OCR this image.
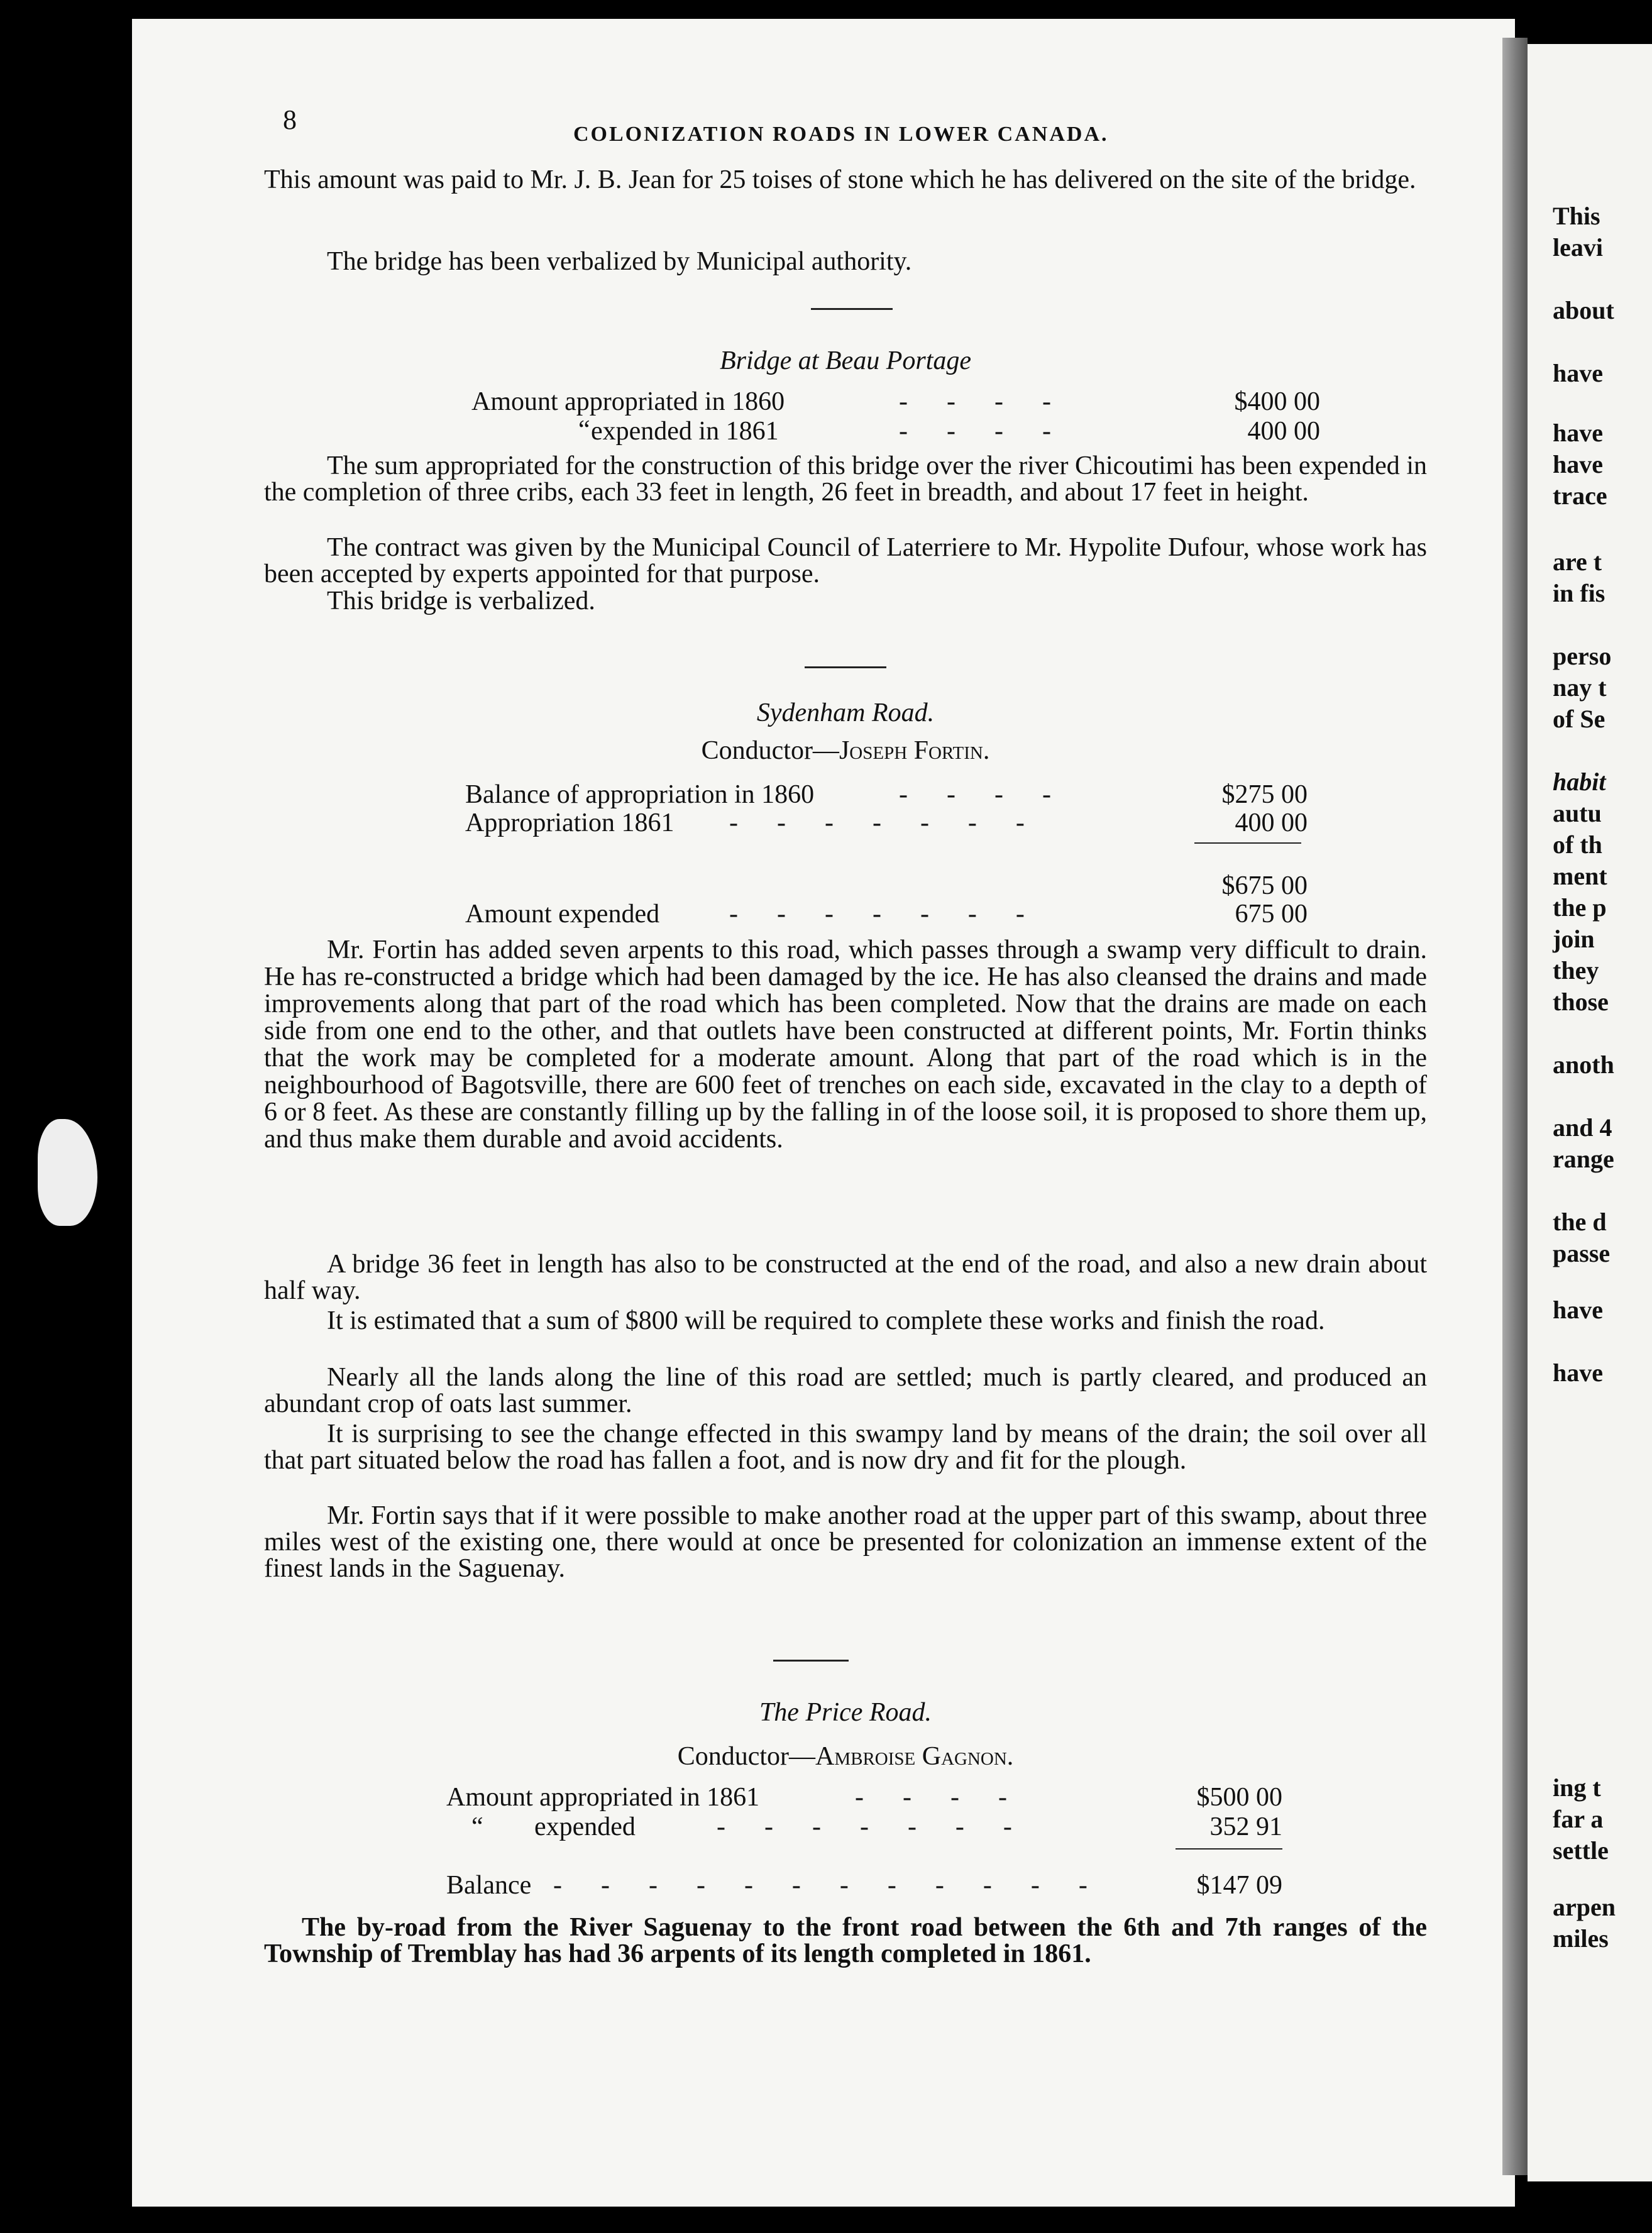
This
leavi
about
have
have
have
trace
are t
in fis
perso
nay t
of Se
habit
autu
of th
ment
the p
join
they
those
anoth
and 4
range
the d
passe
have
have
ing t
far a
settle
arpen
miles
8	COLONIZATION ROADS IN LOWER CANADA.
This amount was paid to Mr. J. B. Jean for 25 toises of stone which he has delivered on the site of the bridge.
The bridge has been verbalized by Municipal authority.
Bridge at Beau Portage
Amount appropriated in 1860	-    -    -    -	$400 00
“ expended in 1861	-    -    -    -	400 00
The sum appropriated for the construction of this bridge over the river Chicoutimi has been expended in the completion of three cribs, each 33 feet in length, 26 feet in breadth, and about 17 feet in height.
The contract was given by the Municipal Council of Laterriere to Mr. Hypolite Dufour, whose work has been accepted by experts appointed for that purpose.
This bridge is verbalized.
Sydenham Road.
Conductor—Joseph Fortin.
Balance of appropriation in 1860	-    -    -    -	$275 00
Appropriation 1861 -    -    -    -    -    -    -	400 00
$675 00
Amount expended	-    -    -    -    -    -    -	675 00
Mr. Fortin has added seven arpents to this road, which passes through a swamp very difficult to drain. He has re-constructed a bridge which had been damaged by the ice. He has also cleansed the drains and made improvements along that part of the road which has been completed. Now that the drains are made on each side from one end to the other, and that outlets have been constructed at different points, Mr. Fortin thinks that the work may be completed for a moderate amount. Along that part of the road which is in the neighbourhood of Bagotsville, there are 600 feet of trenches on each side, excavated in the clay to a depth of 6 or 8 feet. As these are constantly filling up by the falling in of the loose soil, it is proposed to shore them up, and thus make them durable and avoid accidents.
A bridge 36 feet in length has also to be constructed at the end of the road, and also a new drain about half way.
It is estimated that a sum of $800 will be required to complete these works and finish the road.
Nearly all the lands along the line of this road are settled; much is partly cleared, and produced an abundant crop of oats last summer.
It is surprising to see the change effected in this swampy land by means of the drain; the soil over all that part situated below the road has fallen a foot, and is now dry and fit for the plough.
Mr. Fortin says that if it were possible to make another road at the upper part of this swamp, about three miles west of the existing one, there would at once be presented for colonization an immense extent of the finest lands in the Saguenay.
The Price Road.
Conductor—Ambroise Gagnon.
Amount appropriated in 1861	-    -    -    -	$500 00
“ expended	-    -    -    -    -    -    -	352 91
Balance -    -    -    -    -    -    -    -    -    -    -    -	$147 09
The by-road from the River Saguenay to the front road between the 6th and 7th ranges of the Township of Tremblay has had 36 arpents of its length completed in 1861.
